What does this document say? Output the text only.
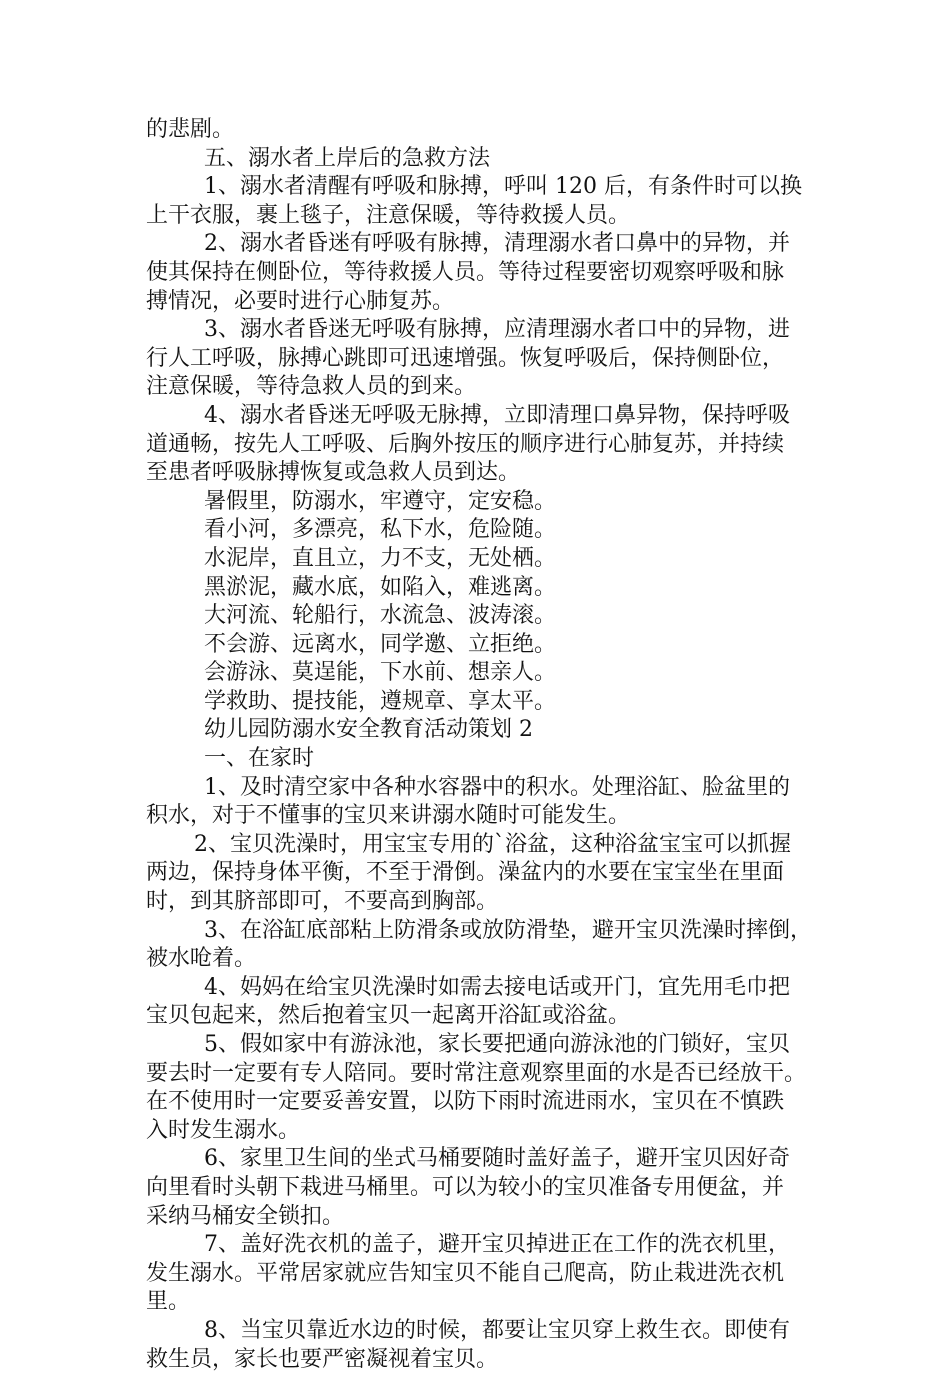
的悲剧。
五、溺水者上岸后的急救方法
1、溺水者清醒有呼吸和脉搏，呼叫 120 后，有条件时可以换
上干衣服，裹上毯子，注意保暖，等待救援人员。
2、溺水者昏迷有呼吸有脉搏，清理溺水者口鼻中的异物，并
使其保持在侧卧位，等待救援人员。等待过程要密切观察呼吸和脉
搏情况，必要时进行心肺复苏。
3、溺水者昏迷无呼吸有脉搏，应清理溺水者口中的异物，进
行人工呼吸，脉搏心跳即可迅速增强。恢复呼吸后，保持侧卧位，
注意保暖，等待急救人员的到来。
4、溺水者昏迷无呼吸无脉搏，立即清理口鼻异物，保持呼吸
道通畅，按先人工呼吸、后胸外按压的顺序进行心肺复苏，并持续
至患者呼吸脉搏恢复或急救人员到达。
暑假里，防溺水，牢遵守，定安稳。
看小河，多漂亮，私下水，危险随。
水泥岸，直且立，力不支，无处栖。
黑淤泥，藏水底，如陷入，难逃离。
大河流、轮船行，水流急、波涛滚。
不会游、远离水，同学邀、立拒绝。
会游泳、莫逞能，下水前、想亲人。
学救助、提技能，遵规章、享太平。
幼儿园防溺水安全教育活动策划 2
一、在家时
1、及时清空家中各种水容器中的积水。处理浴缸、脸盆里的
积水，对于不懂事的宝贝来讲溺水随时可能发生。
2、宝贝洗澡时，用宝宝专用的`浴盆，这种浴盆宝宝可以抓握
两边，保持身体平衡，不至于滑倒。澡盆内的水要在宝宝坐在里面
时，到其脐部即可，不要高到胸部。
3、在浴缸底部粘上防滑条或放防滑垫，避开宝贝洗澡时摔倒，
被水呛着。
4、妈妈在给宝贝洗澡时如需去接电话或开门，宜先用毛巾把
宝贝包起来，然后抱着宝贝一起离开浴缸或浴盆。
5、假如家中有游泳池，家长要把通向游泳池的门锁好，宝贝
要去时一定要有专人陪同。要时常注意观察里面的水是否已经放干。
在不使用时一定要妥善安置，以防下雨时流进雨水，宝贝在不慎跌
入时发生溺水。
6、家里卫生间的坐式马桶要随时盖好盖子，避开宝贝因好奇
向里看时头朝下栽进马桶里。可以为较小的宝贝准备专用便盆，并
采纳马桶安全锁扣。
7、盖好洗衣机的盖子，避开宝贝掉进正在工作的洗衣机里，
发生溺水。平常居家就应告知宝贝不能自己爬高，防止栽进洗衣机
里。
8、当宝贝靠近水边的时候，都要让宝贝穿上救生衣。即使有
救生员，家长也要严密凝视着宝贝。
